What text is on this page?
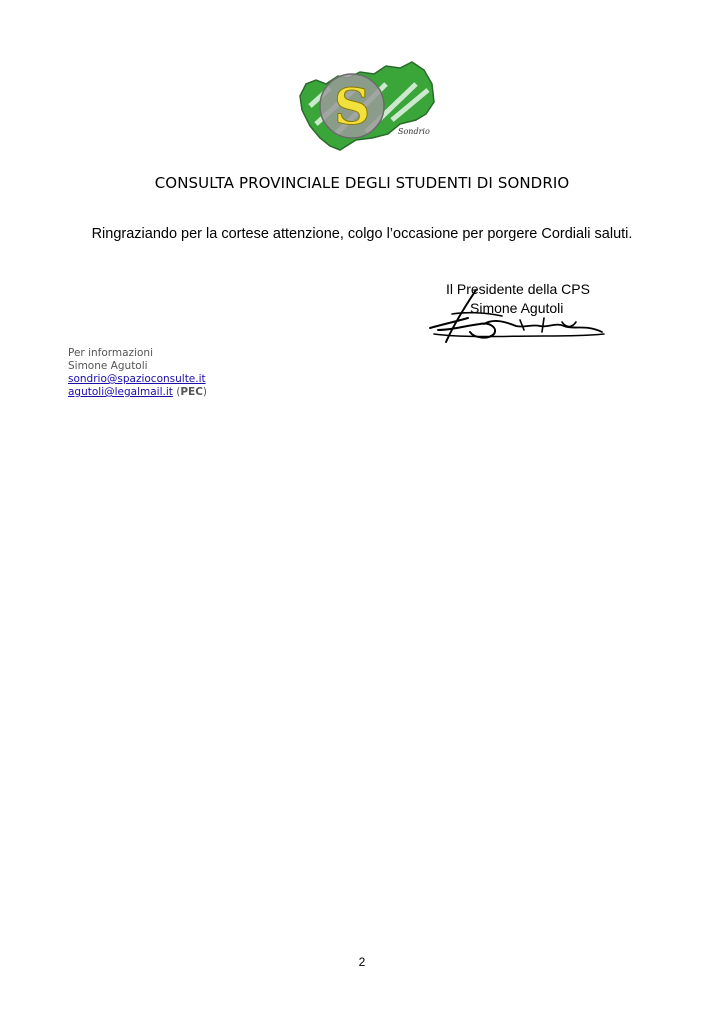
S	Sondrio
CONSULTA PROVINCIALE DEGLI STUDENTI DI SONDRIO
Ringraziando per la cortese attenzione, colgo l’occasione per porgere Cordiali saluti.
Il Presidente della CPS
Simone Agutoli
Per informazioni
Simone Agutoli
sondrio@spazioconsulte.it
agutoli@legalmail.it (PEC)
2
